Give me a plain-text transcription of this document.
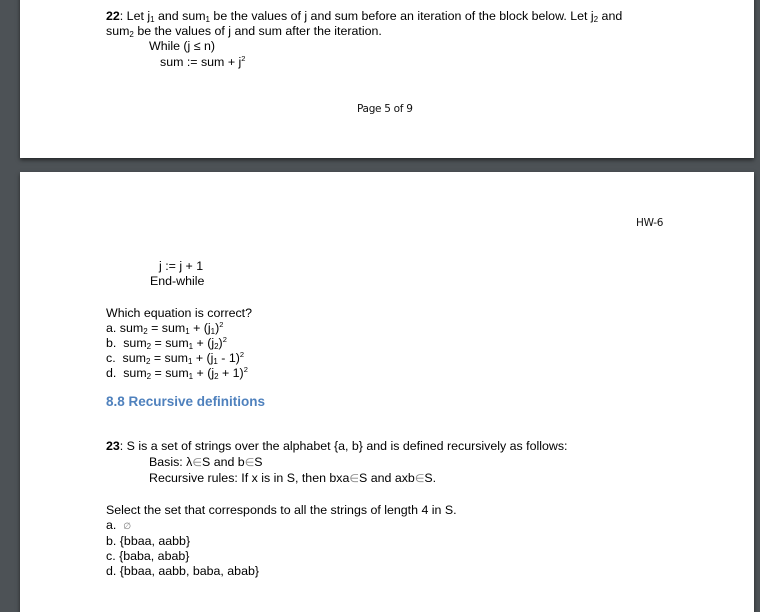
22: Let $j_1$ and sum$_1$ be the values of j and sum before an iteration of the block below. Let $j_2$ and
sum$_2$ be the values of j and sum after the iteration.
While (j ≤ n)
sum := sum + $j^2$
Page 5 of 9
HW-6
j := j + 1
End-while
Which equation is correct?
a. $sum_2 = sum_1 + (j_1)^2$
b. $sum_2 = sum_1 + (j_2)^2$
c. $sum_2 = sum_1 + (j_1 - 1)^2$
d. $sum_2 = sum_1 + (j_2 + 1)^2$
8.8 Recursive definitions
23: S is a set of strings over the alphabet {a, b} and is defined recursively as follows:
Basis: λ∈S and b∈S
Recursive rules: If x is in S, then bxa∈S and axb∈S.
Select the set that corresponds to all the strings of length 4 in S.
a. ∅
b. {bbaa, aabb}
c. {baba, abab}
d. {bbaa, aabb, baba, abab}
